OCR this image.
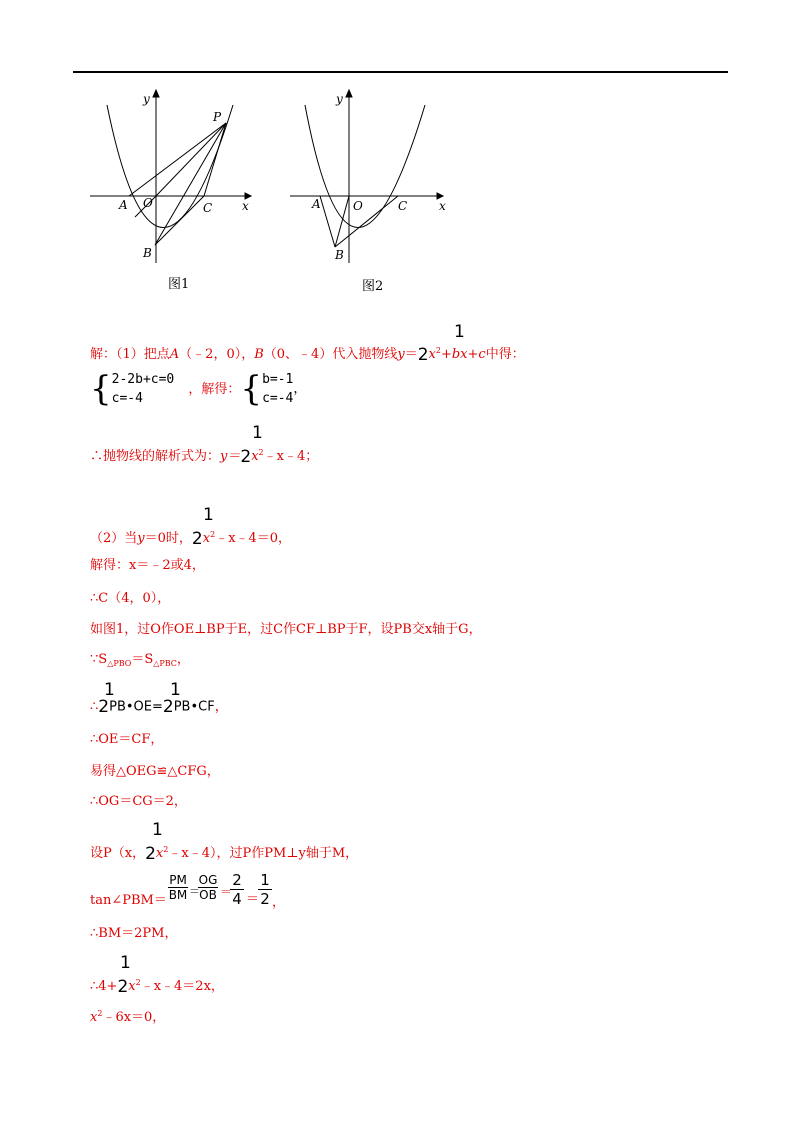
y
P
A O	C x
B
图1
y
A	O	C	x
B
图2
1
解：（1）把点A（﹣2，0），B（0、﹣4）代入抛物线$y=2x^2+bx+c$中得：
{ 2-2b+c=0
c=-4
，解得：{ b=-1
c=-4
，
1
∴抛物线的解析式为：$y=2x^2﹣x﹣4$；
1
（2）当y＝0时，$2x^2﹣x﹣4=0$，
解得：x＝﹣2或4，
∴C（4，0），
如图1，过O作OE⊥BP于E，过C作CF⊥BP于F，设PB交x轴于G，
$\because S_{\triangle PBO}=S_{\triangle PBC}$，
1	1
∴2PB•OE=2PB•CF，
∴OE＝CF，
易得△OEG≌△CFG，
∴OG＝CG＝2，
1
设P（x，$2x^2﹣x﹣4$），过P作PM⊥y轴于M，
tan∠PBM＝
PM
BM ＝
OG
OB ＝
2
4 ＝
1
2 ，
∴BM＝2PM，
1
$\therefore 4+2x^2﹣x﹣4=2x$，
$x^2﹣6x=0$，
